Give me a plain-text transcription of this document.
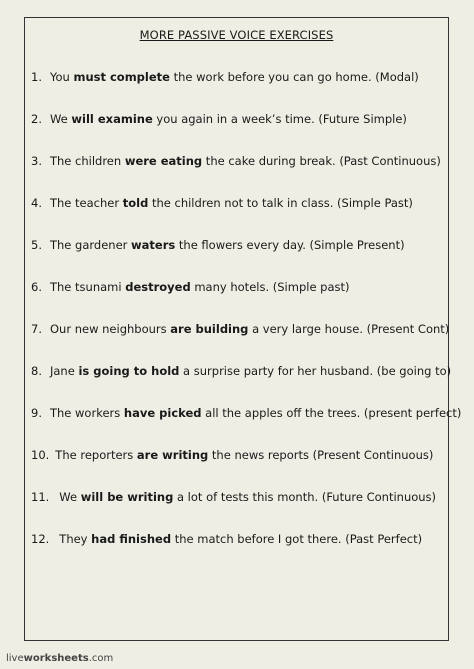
MORE PASSIVE VOICE EXERCISES
1. You must complete the work before you can go home. (Modal)
2. We will examine you again in a week’s time. (Future Simple)
3. The children were eating the cake during break. (Past Continuous)
4. The teacher told the children not to talk in class. (Simple Past)
5. The gardener waters the flowers every day. (Simple Present)
6. The tsunami destroyed many hotels. (Simple past)
7. Our new neighbours are building a very large house. (Present Cont)
8. Jane is going to hold a surprise party for her husband. (be going to)
9. The workers have picked all the apples off the trees. (present perfect)
10. The reporters are writing the news reports (Present Continuous)
11. We will be writing a lot of tests this month. (Future Continuous)
12. They had finished the match before I got there. (Past Perfect)
liveworksheets.com
